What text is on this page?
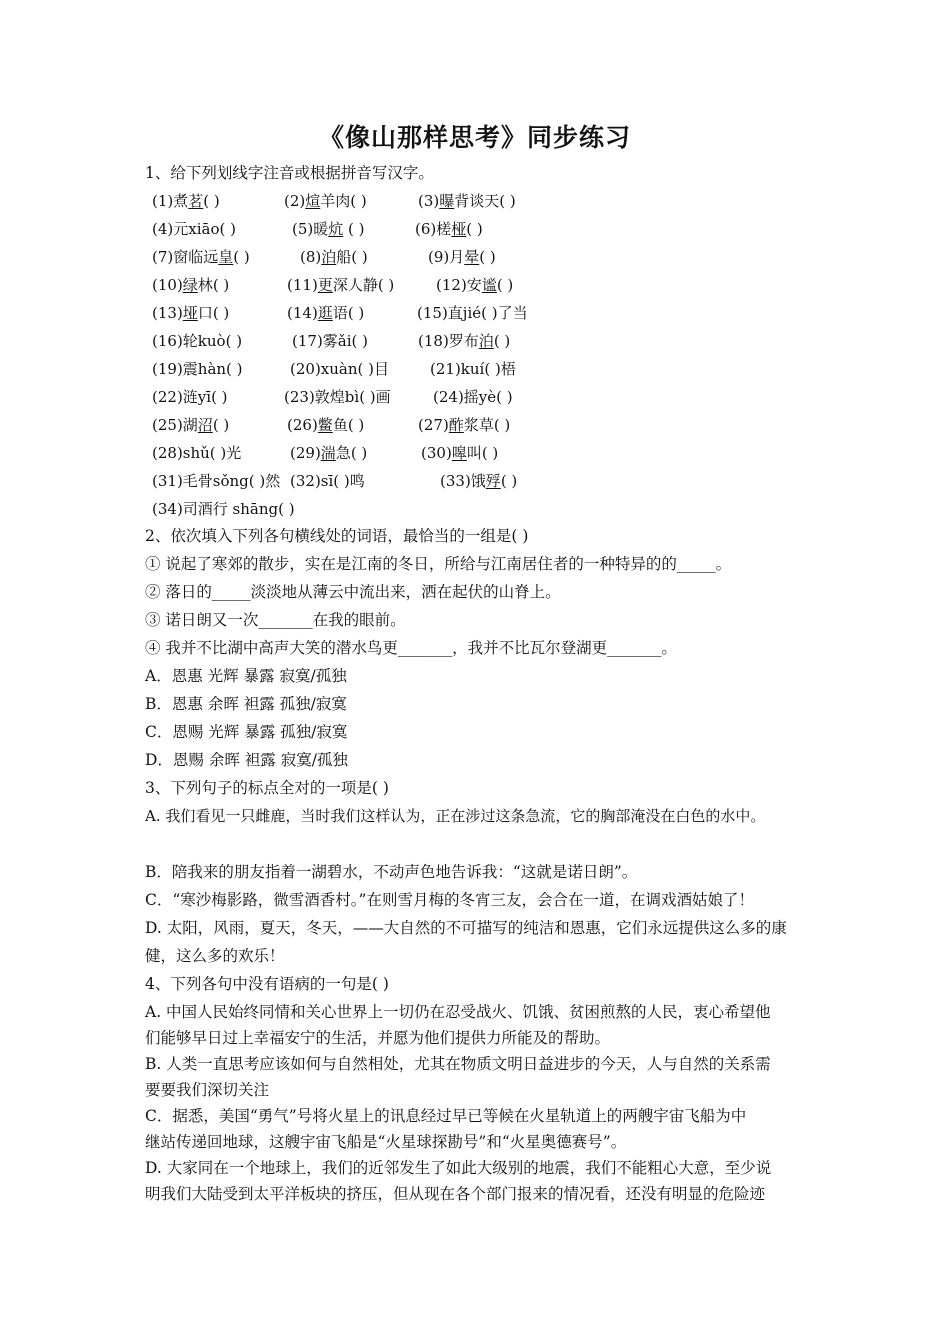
《像山那样思考》同步练习
1、给下列划线字注音或根据拼音写汉字。
(1)煮茗( )	(2)煊羊肉( )	(3)曝背谈天( )
(4)元xiāo( )	(5)暖炕 ( )	(6)槎桠( )
(7)窗临远皇( )	(8)泊船( )	(9)月晕( )
(10)绿林( )	(11)更深人静( )	(12)安谧( )
(13)垭口( )	(14)逛语( )	(15)直jié( )了当
(16)轮kuò( )	(17)雾ǎi( )	(18)罗布泊( )
(19)震hàn( )	(20)xuàn( )目	(21)kuí( )梧
(22)涟yī( )	(23)敦煌bì( )画	(24)摇yè( )
(25)湖沼( )	(26)鳖鱼( )	(27)酢浆草( )
(28)shǔ( )光	(29)湍急( )	(30)嗥叫( )
(31)毛骨sǒng( )然 (32)sī( )鸣	(33)饿殍( )
(34)司酒行 shāng( )
2、依次填入下列各句横线处的词语，最恰当的一组是( )
① 说起了寒郊的散步，实在是江南的冬日，所给与江南居住者的一种特异的的_____。
② 落日的_____淡淡地从薄云中流出来，洒在起伏的山脊上。
③ 诺日朗又一次_______在我的眼前。
④ 我并不比湖中高声大笑的潜水鸟更_______，我并不比瓦尔登湖更_______。
A．恩惠 光辉 暴露 寂寞/孤独
B．恩惠 余晖 袒露 孤独/寂寞
C．恩赐 光辉 暴露 孤独/寂寞
D．恩赐 余晖 袒露 寂寞/孤独
3、下列句子的标点全对的一项是( )
A. 我们看见一只雌鹿，当时我们这样认为，正在涉过这条急流，它的胸部淹没在白色的水中。
B．陪我来的朋友指着一湖碧水，不动声色地告诉我：“这就是诺日朗”。
C．“寒沙梅影路，微雪酒香村。”在则雪月梅的冬宵三友，会合在一道，在调戏酒姑娘了！
D. 太阳，风雨，夏天，冬天，——大自然的不可描写的纯洁和恩惠，它们永远提供这么多的康
健，这么多的欢乐！
4、下列各句中没有语病的一句是( )
A. 中国人民始终同情和关心世界上一切仍在忍受战火、饥饿、贫困煎熬的人民，衷心希望他
们能够早日过上幸福安宁的生活，并愿为他们提供力所能及的帮助。
B. 人类一直思考应该如何与自然相处，尤其在物质文明日益进步的今天，人与自然的关系需
要要我们深切关注
C．据悉，美国“勇气”号将火星上的讯息经过早已等候在火星轨道上的两艘宇宙飞船为中
继站传递回地球，这艘宇宙飞船是“火星球探勘号”和“火星奥德赛号”。
D. 大家同在一个地球上，我们的近邻发生了如此大级别的地震，我们不能粗心大意，至少说
明我们大陆受到太平洋板块的挤压，但从现在各个部门报来的情况看，还没有明显的危险迹
